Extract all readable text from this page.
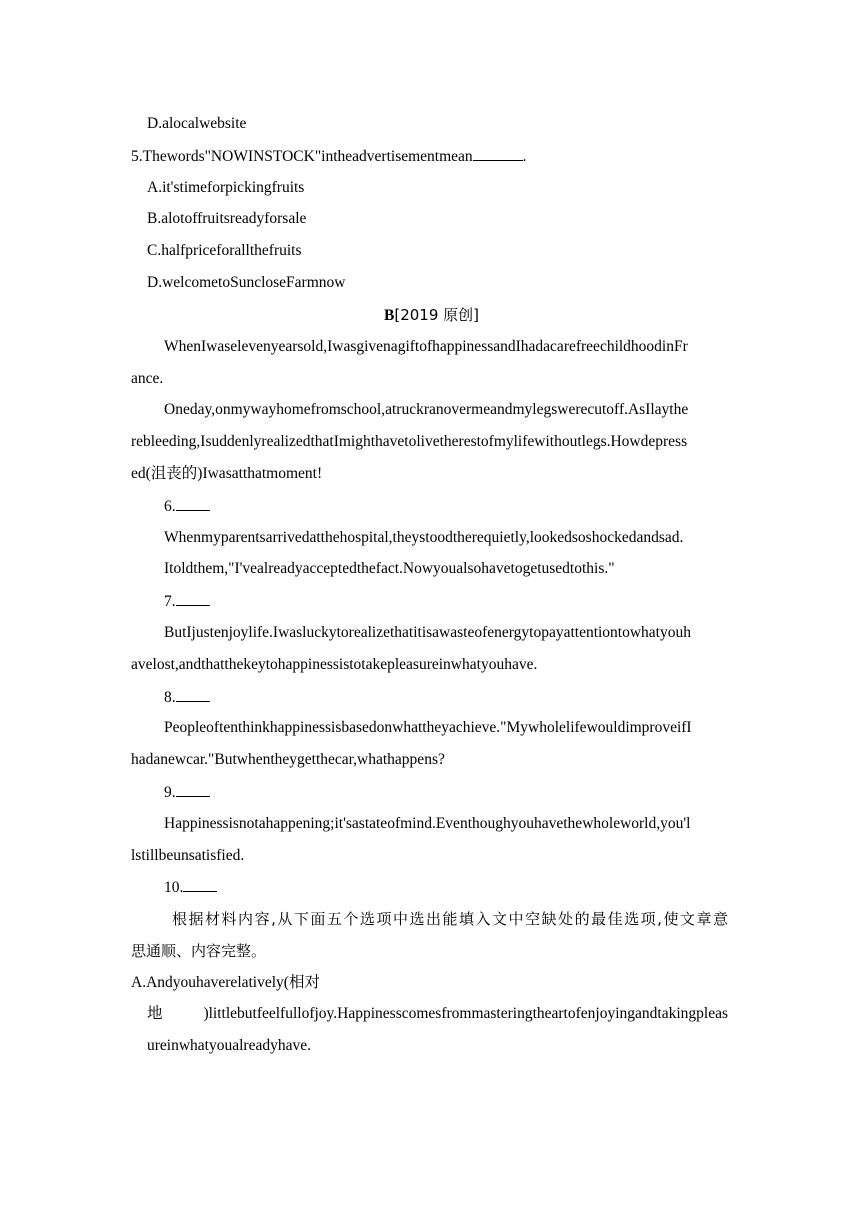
D.alocalwebsite
5.Thewords"NOWINSTOCK"intheadvertisementmean	.
A.it'stimeforpickingfruits
B.alotoffruitsreadyforsale
C.halfpriceforallthefruits
D.welcometoSuncloseFarmnow
B[2019 原创]
WhenIwaselevenyearsold,IwasgivenagiftofhappinessandIhadacarefreechildhoodinFr
ance.
Oneday,onmywayhomefromschool,atruckranovermeandmylegswerecutoff.AsIlaythe
rebleeding,IsuddenlyrealizedthatImighthavetolivetherestofmylifewithoutlegs.Howdepress
ed(沮丧的)Iwasatthatmoment!
6.
Whenmyparentsarrivedatthehospital,theystoodtherequietly,lookedsoshockedandsad.
Itoldthem,"I'vealreadyacceptedthefact.Nowyoualsohavetogetusedtothis."
7.
ButIjustenjoylife.Iwasluckytorealizethatitisawasteofenergytopayattentiontowhatyouh
avelost,andthatthekeytohappinessistotakepleasureinwhatyouhave.
8.
Peopleoftenthinkhappinessisbasedonwhattheyachieve."MywholelifewouldimproveifI
hadanewcar."Butwhentheygetthecar,whathappens?
9.
Happinessisnotahappening;it'sastateofmind.Eventhoughyouhavethewholeworld,you'l
lstillbeunsatisfied.
10.
根据材料内容,从下面五个选项中选出能填入文中空缺处的最佳选项,使文章意
思通顺、内容完整。
A.Andyouhaverelatively(相对
地)littlebutfeelfullofjoy.Happinesscomesfrommasteringtheartofenjoyingandtakingpleas
ureinwhatyoualreadyhave.
